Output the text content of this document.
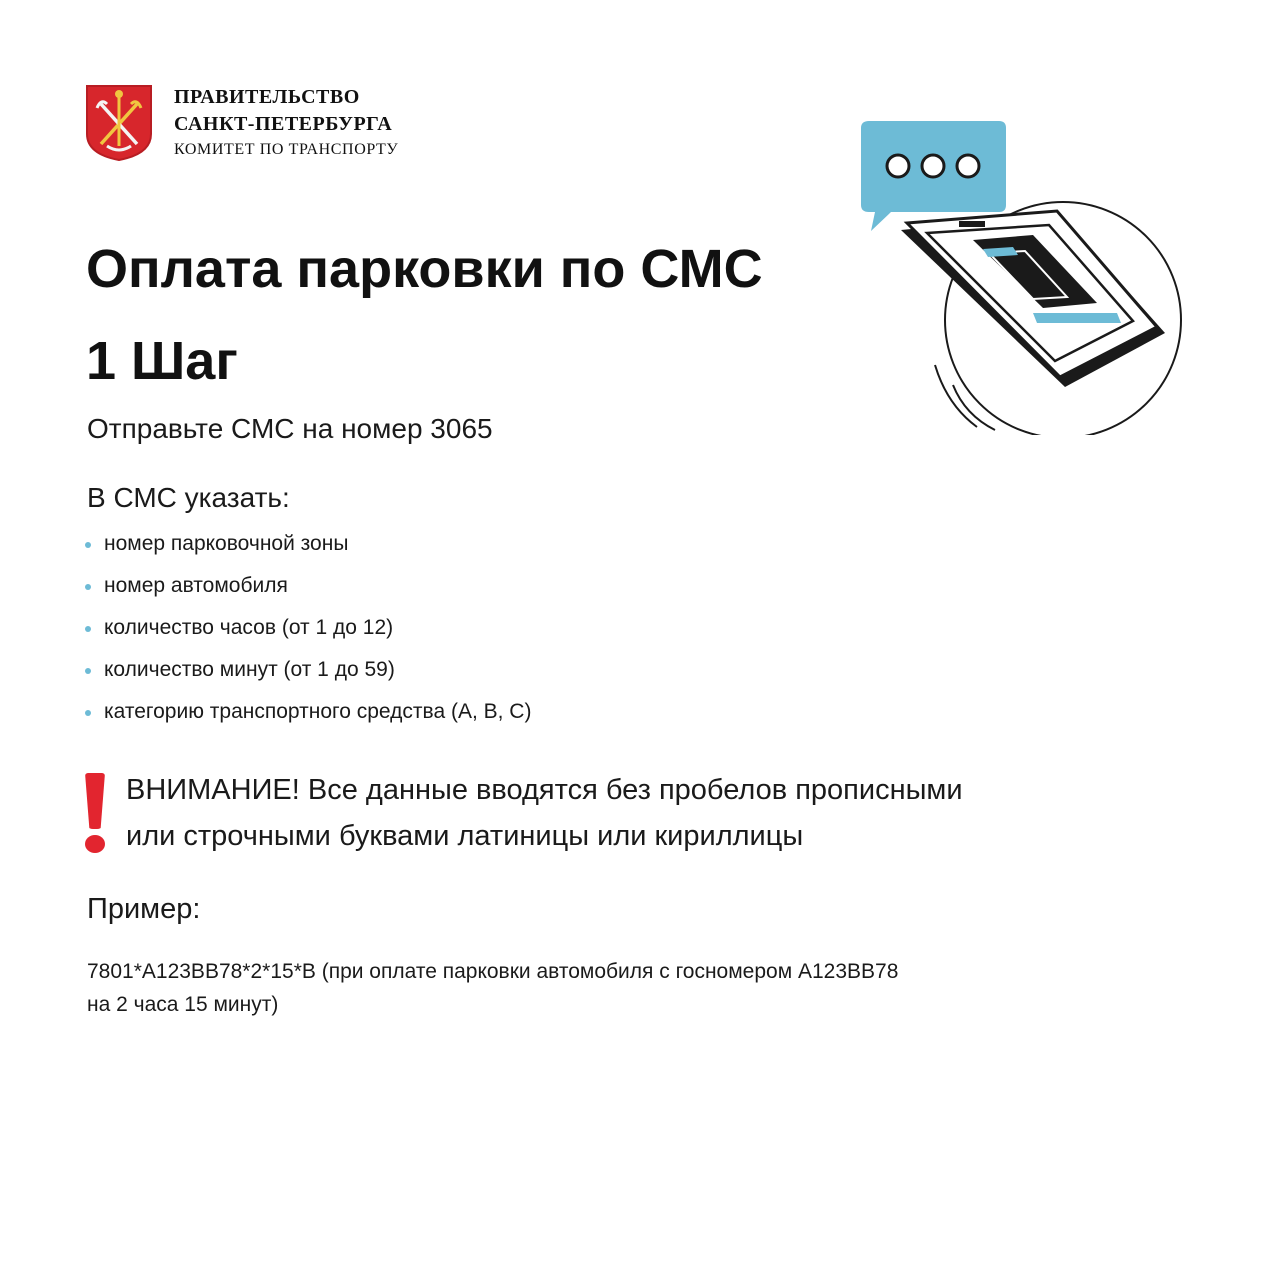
ПРАВИТЕЛЬСТВО
САНКТ-ПЕТЕРБУРГА
КОМИТЕТ ПО ТРАНСПОРТУ
Оплата парковки по СМС
1 Шаг
Отправьте СМС на номер 3065
В СМС указать:
номер парковочной зоны
номер автомобиля
количество часов (от 1 до 12)
количество минут (от 1 до 59)
категорию транспортного средства (A, B, C)
ВНИМАНИЕ! Все данные вводятся без пробелов прописными
или строчными буквами латиницы или кириллицы
Пример:
7801*A123BB78*2*15*B (при оплате парковки автомобиля с госномером A123BB78
на 2 часа 15 минут)
